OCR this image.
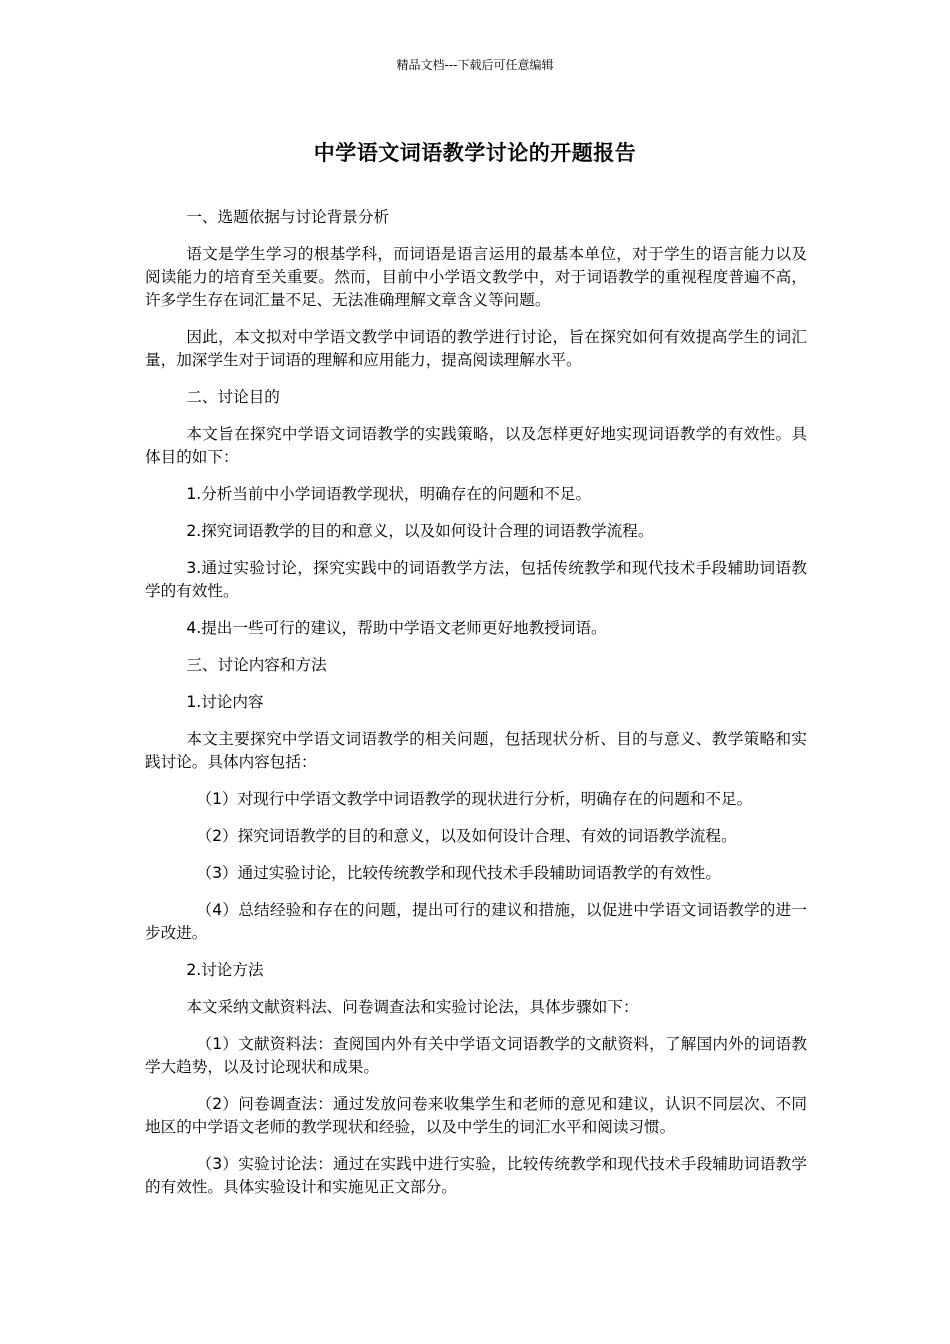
精品文档---下载后可任意编辑
中学语文词语教学讨论的开题报告

一、选题依据与讨论背景分析

语文是学生学习的根基学科，而词语是语言运用的最基本单位，对于学生的语言能力以及阅读能力的培育至关重要。然而，目前中小学语文教学中，对于词语教学的重视程度普遍不高，许多学生存在词汇量不足、无法准确理解文章含义等问题。

因此，本文拟对中学语文教学中词语的教学进行讨论，旨在探究如何有效提高学生的词汇量，加深学生对于词语的理解和应用能力，提高阅读理解水平。

二、讨论目的

本文旨在探究中学语文词语教学的实践策略，以及怎样更好地实现词语教学的有效性。具体目的如下：

1.分析当前中小学词语教学现状，明确存在的问题和不足。

2.探究词语教学的目的和意义，以及如何设计合理的词语教学流程。

3.通过实验讨论，探究实践中的词语教学方法，包括传统教学和现代技术手段辅助词语教学的有效性。

4.提出一些可行的建议，帮助中学语文老师更好地教授词语。

三、讨论内容和方法

1.讨论内容

本文主要探究中学语文词语教学的相关问题，包括现状分析、目的与意义、教学策略和实践讨论。具体内容包括：

（1）对现行中学语文教学中词语教学的现状进行分析，明确存在的问题和不足。

（2）探究词语教学的目的和意义，以及如何设计合理、有效的词语教学流程。

（3）通过实验讨论，比较传统教学和现代技术手段辅助词语教学的有效性。

（4）总结经验和存在的问题，提出可行的建议和措施，以促进中学语文词语教学的进一步改进。

2.讨论方法

本文采纳文献资料法、问卷调查法和实验讨论法，具体步骤如下：

（1）文献资料法：查阅国内外有关中学语文词语教学的文献资料，了解国内外的词语教学大趋势，以及讨论现状和成果。

（2）问卷调查法：通过发放问卷来收集学生和老师的意见和建议，认识不同层次、不同地区的中学语文老师的教学现状和经验，以及中学生的词汇水平和阅读习惯。

（3）实验讨论法：通过在实践中进行实验，比较传统教学和现代技术手段辅助词语教学的有效性。具体实验设计和实施见正文部分。
